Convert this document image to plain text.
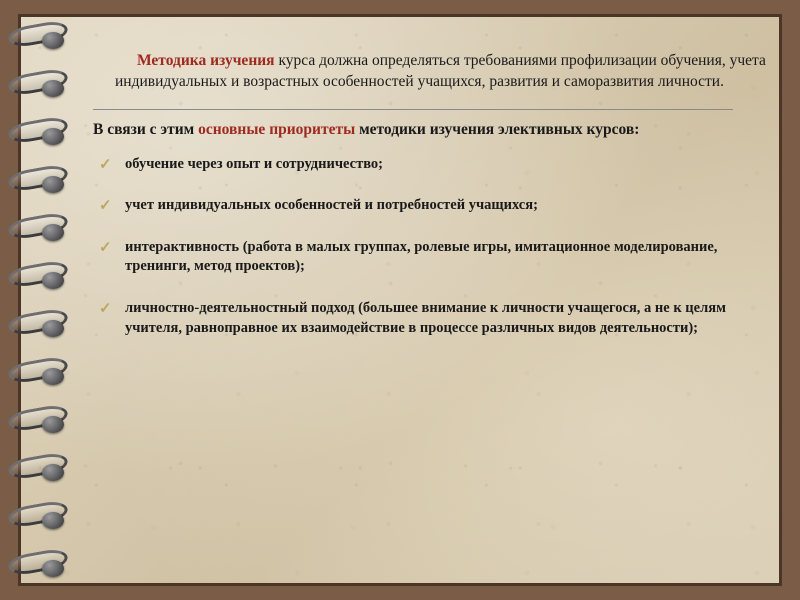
Методика изучения курса должна определяться требованиями профилизации обучения, учета индивидуальных и возрастных особенностей учащихся, развития и саморазвития личности.

В связи с этим основные приоритеты методики изучения элективных курсов:

✓ обучение через опыт и сотрудничество;
✓ учет индивидуальных особенностей и потребностей учащихся;
✓ интерактивность (работа в малых группах, ролевые игры, имитационное моделирование, тренинги, метод проектов);
✓ личностно-деятельностный подход (большее внимание к личности учащегося, а не к целям учителя, равноправное их взаимодействие в процессе различных видов деятельности);
